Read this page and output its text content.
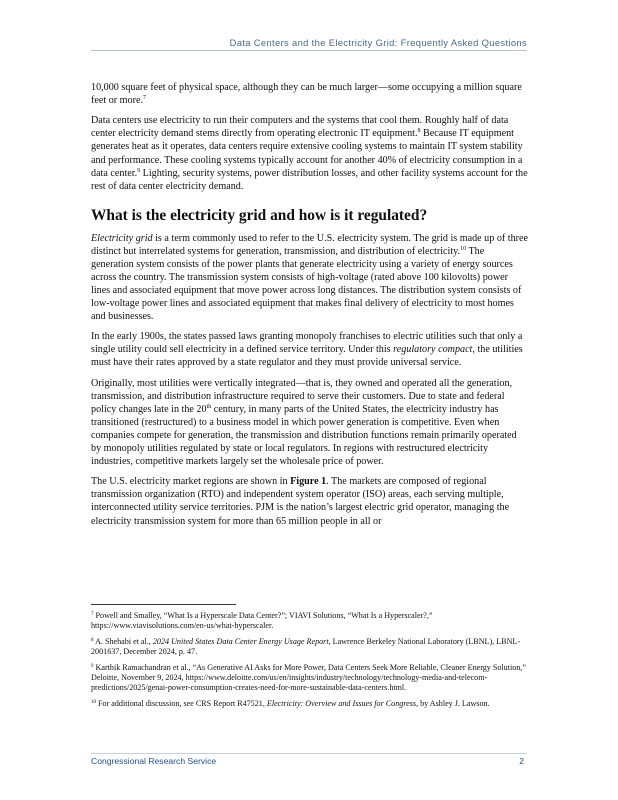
Data Centers and the Electricity Grid: Frequently Asked Questions

10,000 square feet of physical space, although they can be much larger—some occupying a million square feet or more.$^7$

Data centers use electricity to run their computers and the systems that cool them. Roughly half of data center electricity demand stems directly from operating electronic IT equipment.$^8$ Because IT equipment generates heat as it operates, data centers require extensive cooling systems to maintain IT system stability and performance. These cooling systems typically account for another 40% of electricity consumption in a data center.$^9$ Lighting, security systems, power distribution losses, and other facility systems account for the rest of data center electricity demand.

What is the electricity grid and how is it regulated?

Electricity grid is a term commonly used to refer to the U.S. electricity system. The grid is made up of three distinct but interrelated systems for generation, transmission, and distribution of electricity.$^{10}$ The generation system consists of the power plants that generate electricity using a variety of energy sources across the country. The transmission system consists of high-voltage (rated above 100 kilovolts) power lines and associated equipment that move power across long distances. The distribution system consists of low-voltage power lines and associated equipment that makes final delivery of electricity to most homes and businesses.

In the early 1900s, the states passed laws granting monopoly franchises to electric utilities such that only a single utility could sell electricity in a defined service territory. Under this regulatory compact, the utilities must have their rates approved by a state regulator and they must provide universal service.

Originally, most utilities were vertically integrated—that is, they owned and operated all the generation, transmission, and distribution infrastructure required to serve their customers. Due to state and federal policy changes late in the 20th century, in many parts of the United States, the electricity industry has transitioned (restructured) to a business model in which power generation is competitive. Even when companies compete for generation, the transmission and distribution functions remain primarily operated by monopoly utilities regulated by state or local regulators. In regions with restructured electricity industries, competitive markets largely set the wholesale price of power.

The U.S. electricity market regions are shown in Figure 1. The markets are composed of regional transmission organization (RTO) and independent system operator (ISO) areas, each serving multiple, interconnected utility service territories. PJM is the nation’s largest electric grid operator, managing the electricity transmission system for more than 65 million people in all or

$^7$ Powell and Smalley, “What Is a Hyperscale Data Center?”; VIAVI Solutions, “What Is a Hyperscaler?,” https://www.viavisolutions.com/en-us/what-hyperscaler.

$^8$ A. Shehabi et al., 2024 United States Data Center Energy Usage Report, Lawrence Berkeley National Laboratory (LBNL), LBNL-2001637, December 2024, p. 47.

$^9$ Karthik Ramachandran et al., “As Generative AI Asks for More Power, Data Centers Seek More Reliable, Cleaner Energy Solution,” Deloitte, November 9, 2024, https://www.deloitte.com/us/en/insights/industry/technology/technology-media-and-telecom-predictions/2025/genai-power-consumption-creates-need-for-more-sustainable-data-centers.html.

$^{10}$ For additional discussion, see CRS Report R47521, Electricity: Overview and Issues for Congress, by Ashley J. Lawson.

Congressional Research Service	2
